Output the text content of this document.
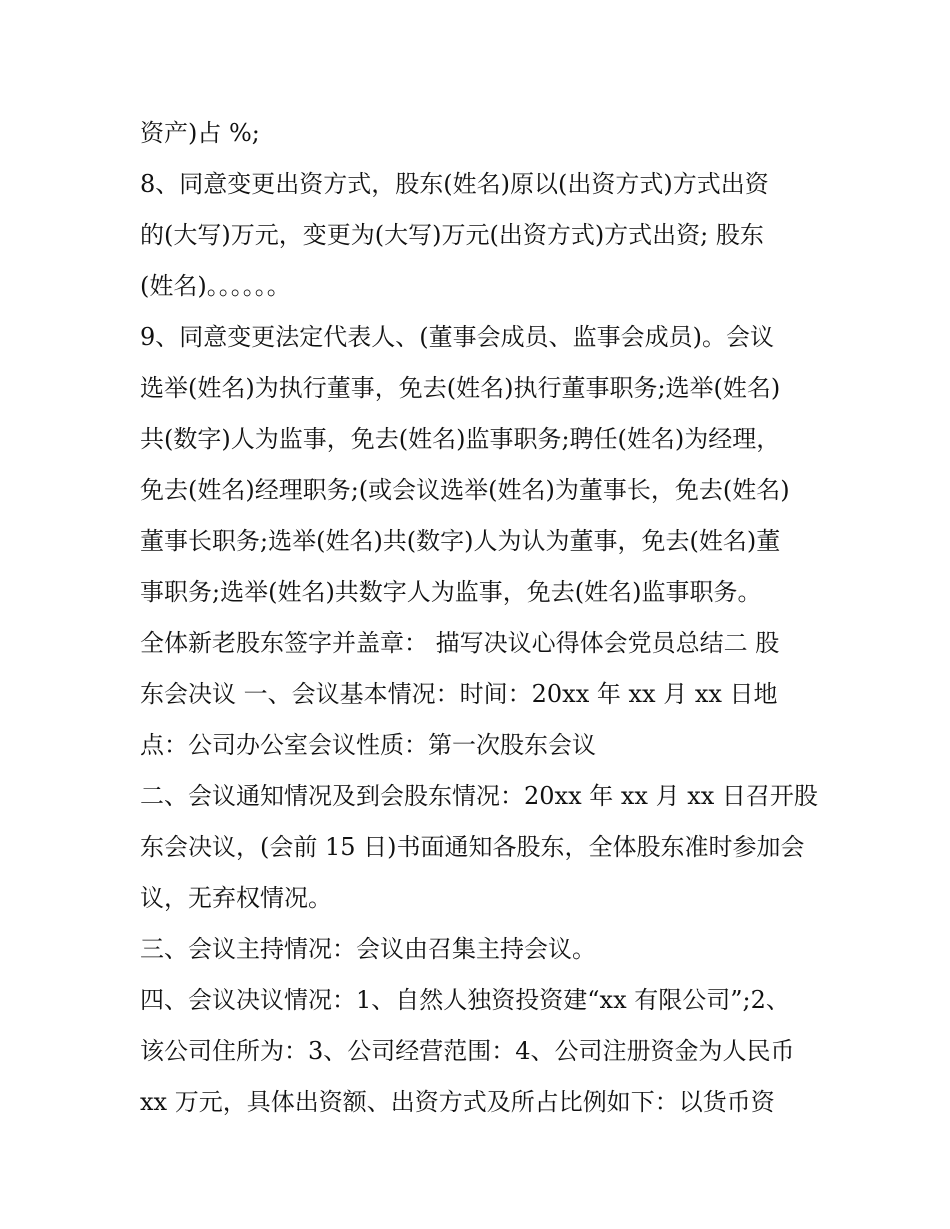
资产)占 %;
8、同意变更出资方式，股东(姓名)原以(出资方式)方式出资
的(大写)万元，变更为(大写)万元(出资方式)方式出资; 股东
(姓名)。。。。。。
9、同意变更法定代表人、(董事会成员、监事会成员)。会议
选举(姓名)为执行董事，免去(姓名)执行董事职务;选举(姓名)
共(数字)人为监事，免去(姓名)监事职务;聘任(姓名)为经理，
免去(姓名)经理职务;(或会议选举(姓名)为董事长，免去(姓名)
董事长职务;选举(姓名)共(数字)人为认为董事，免去(姓名)董
事职务;选举(姓名)共数字人为监事，免去(姓名)监事职务。
全体新老股东签字并盖章： 描写决议心得体会党员总结二 股
东会决议 一、会议基本情况：时间：20xx 年 xx 月 xx 日地
点：公司办公室会议性质：第一次股东会议
二、会议通知情况及到会股东情况：20xx 年 xx 月 xx 日召开股
东会决议，(会前 15 日)书面通知各股东，全体股东准时参加会
议，无弃权情况。
三、会议主持情况：会议由召集主持会议。
四、会议决议情况：1、自然人独资投资建“xx 有限公司”;2、
该公司住所为：3、公司经营范围：4、公司注册资金为人民币
xx 万元，具体出资额、出资方式及所占比例如下：以货币资
